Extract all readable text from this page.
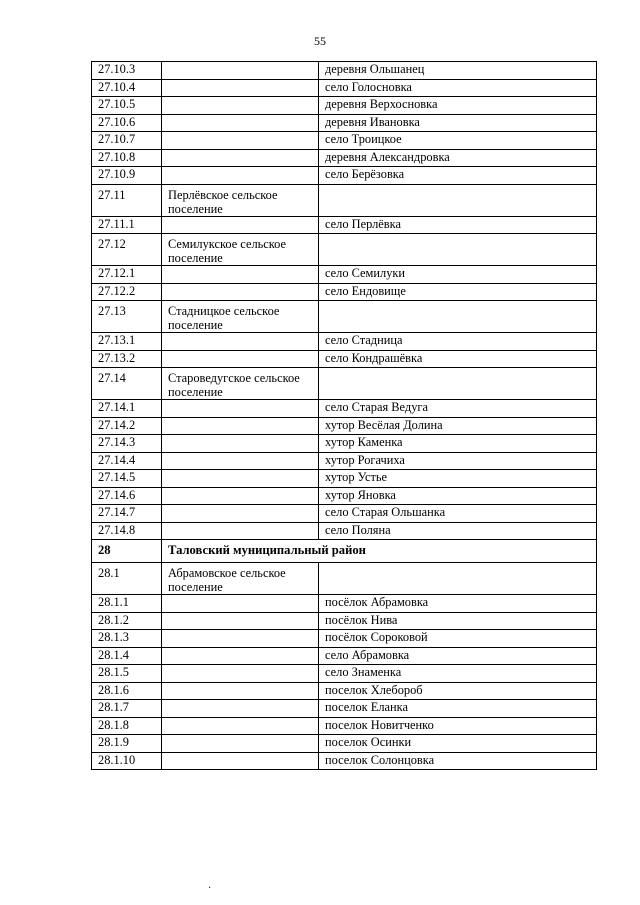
55
27.10.3		деревня Ольшанец
27.10.4		село Голосновка
27.10.5		деревня Верхосновка
27.10.6		деревня Ивановка
27.10.7		село Троицкое
27.10.8		деревня Александровка
27.10.9		село Берёзовка
27.11	Перлёвское сельское поселение	
27.11.1		село Перлёвка
27.12	Семилукское сельское поселение	
27.12.1		село Семилуки
27.12.2		село Ендовище
27.13	Стадницкое сельское поселение	
27.13.1		село Стадница
27.13.2		село Кондрашёвка
27.14	Староведугское сельское поселение	
27.14.1		село Старая Ведуга
27.14.2		хутор Весёлая Долина
27.14.3		хутор Каменка
27.14.4		хутор Рогачиха
27.14.5		хутор Устье
27.14.6		хутор Яновка
27.14.7		село Старая Ольшанка
27.14.8		село Поляна
28	Таловский муниципальный район	
28.1	Абрамовское сельское поселение	
28.1.1		посёлок Абрамовка
28.1.2		посёлок Нива
28.1.3		посёлок Сороковой
28.1.4		село Абрамовка
28.1.5		село Знаменка
28.1.6		поселок Хлебороб
28.1.7		поселок Еланка
28.1.8		поселок Новитченко
28.1.9		поселок Осинки
28.1.10		поселок Солонцовка
·
